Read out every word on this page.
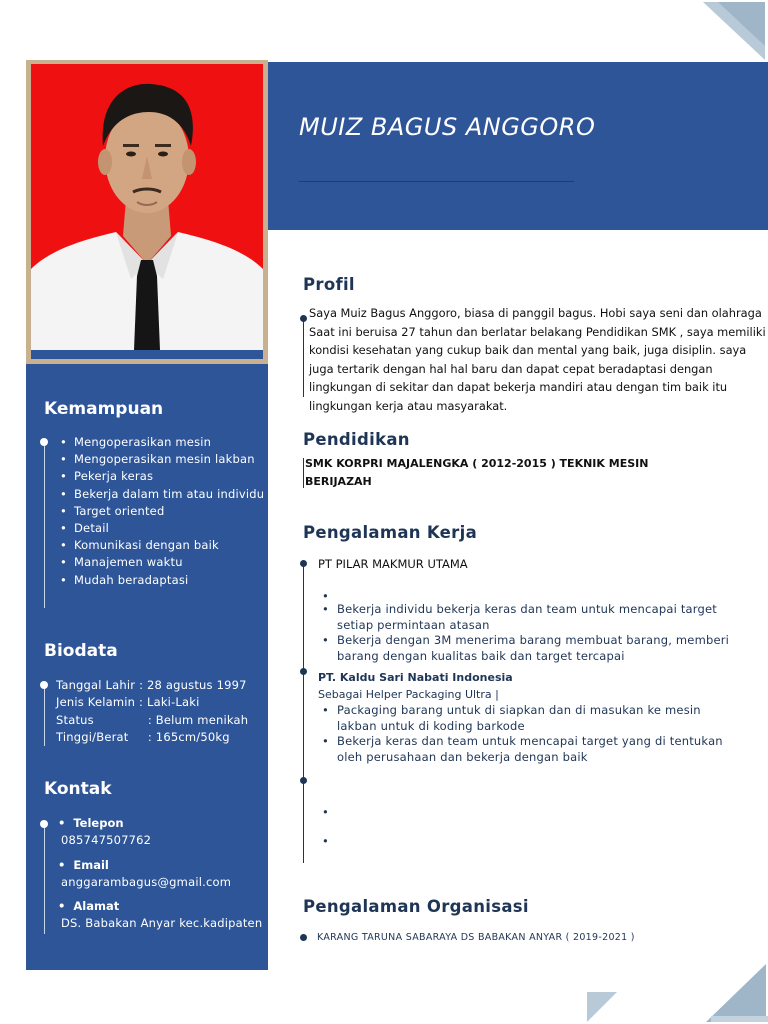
MUIZ BAGUS ANGGORO
Kemampuan
• Mengoperasikan mesin
• Mengoperasikan mesin lakban
• Pekerja keras
• Bekerja dalam tim atau individu
• Target oriented
• Detail
• Komunikasi dengan baik
• Manajemen waktu
• Mudah beradaptasi
Biodata
Tanggal Lahir : 28 agustus 1997
Jenis Kelamin : Laki-Laki
Status	: Belum menikah
Tinggi/Berat : 165cm/50kg
Kontak
• Telepon
085747507762
• Email
anggarambagus@gmail.com
• Alamat
DS. Babakan Anyar kec.kadipaten
Profil
Saya Muiz Bagus Anggoro, biasa di panggil bagus. Hobi saya seni dan olahraga Saat ini beruisa 27 tahun dan berlatar belakang Pendidikan SMK , saya memiliki kondisi kesehatan yang cukup baik dan mental yang baik, juga disiplin. saya juga tertarik dengan hal hal baru dan dapat cepat beradaptasi dengan lingkungan di sekitar dan dapat bekerja mandiri atau dengan tim baik itu lingkungan kerja atau masyarakat.
Pendidikan
SMK KORPRI MAJALENGKA ( 2012-2015 ) TEKNIK MESIN
BERIJAZAH
Pengalaman Kerja
PT PILAR MAKMUR UTAMA
•
• Bekerja individu bekerja keras dan team untuk mencapai target setiap permintaan atasan
• Bekerja dengan 3M menerima barang membuat barang, memberi barang dengan kualitas baik dan target tercapai
PT. Kaldu Sari Nabati Indonesia
Sebagai Helper Packaging Ultra |
• Packaging barang untuk di siapkan dan di masukan ke mesin lakban untuk di koding barkode
• Bekerja keras dan team untuk mencapai target yang di tentukan oleh perusahaan dan bekerja dengan baik
•
•
Pengalaman Organisasi
KARANG TARUNA SABARAYA DS BABAKAN ANYAR ( 2019-2021 )
